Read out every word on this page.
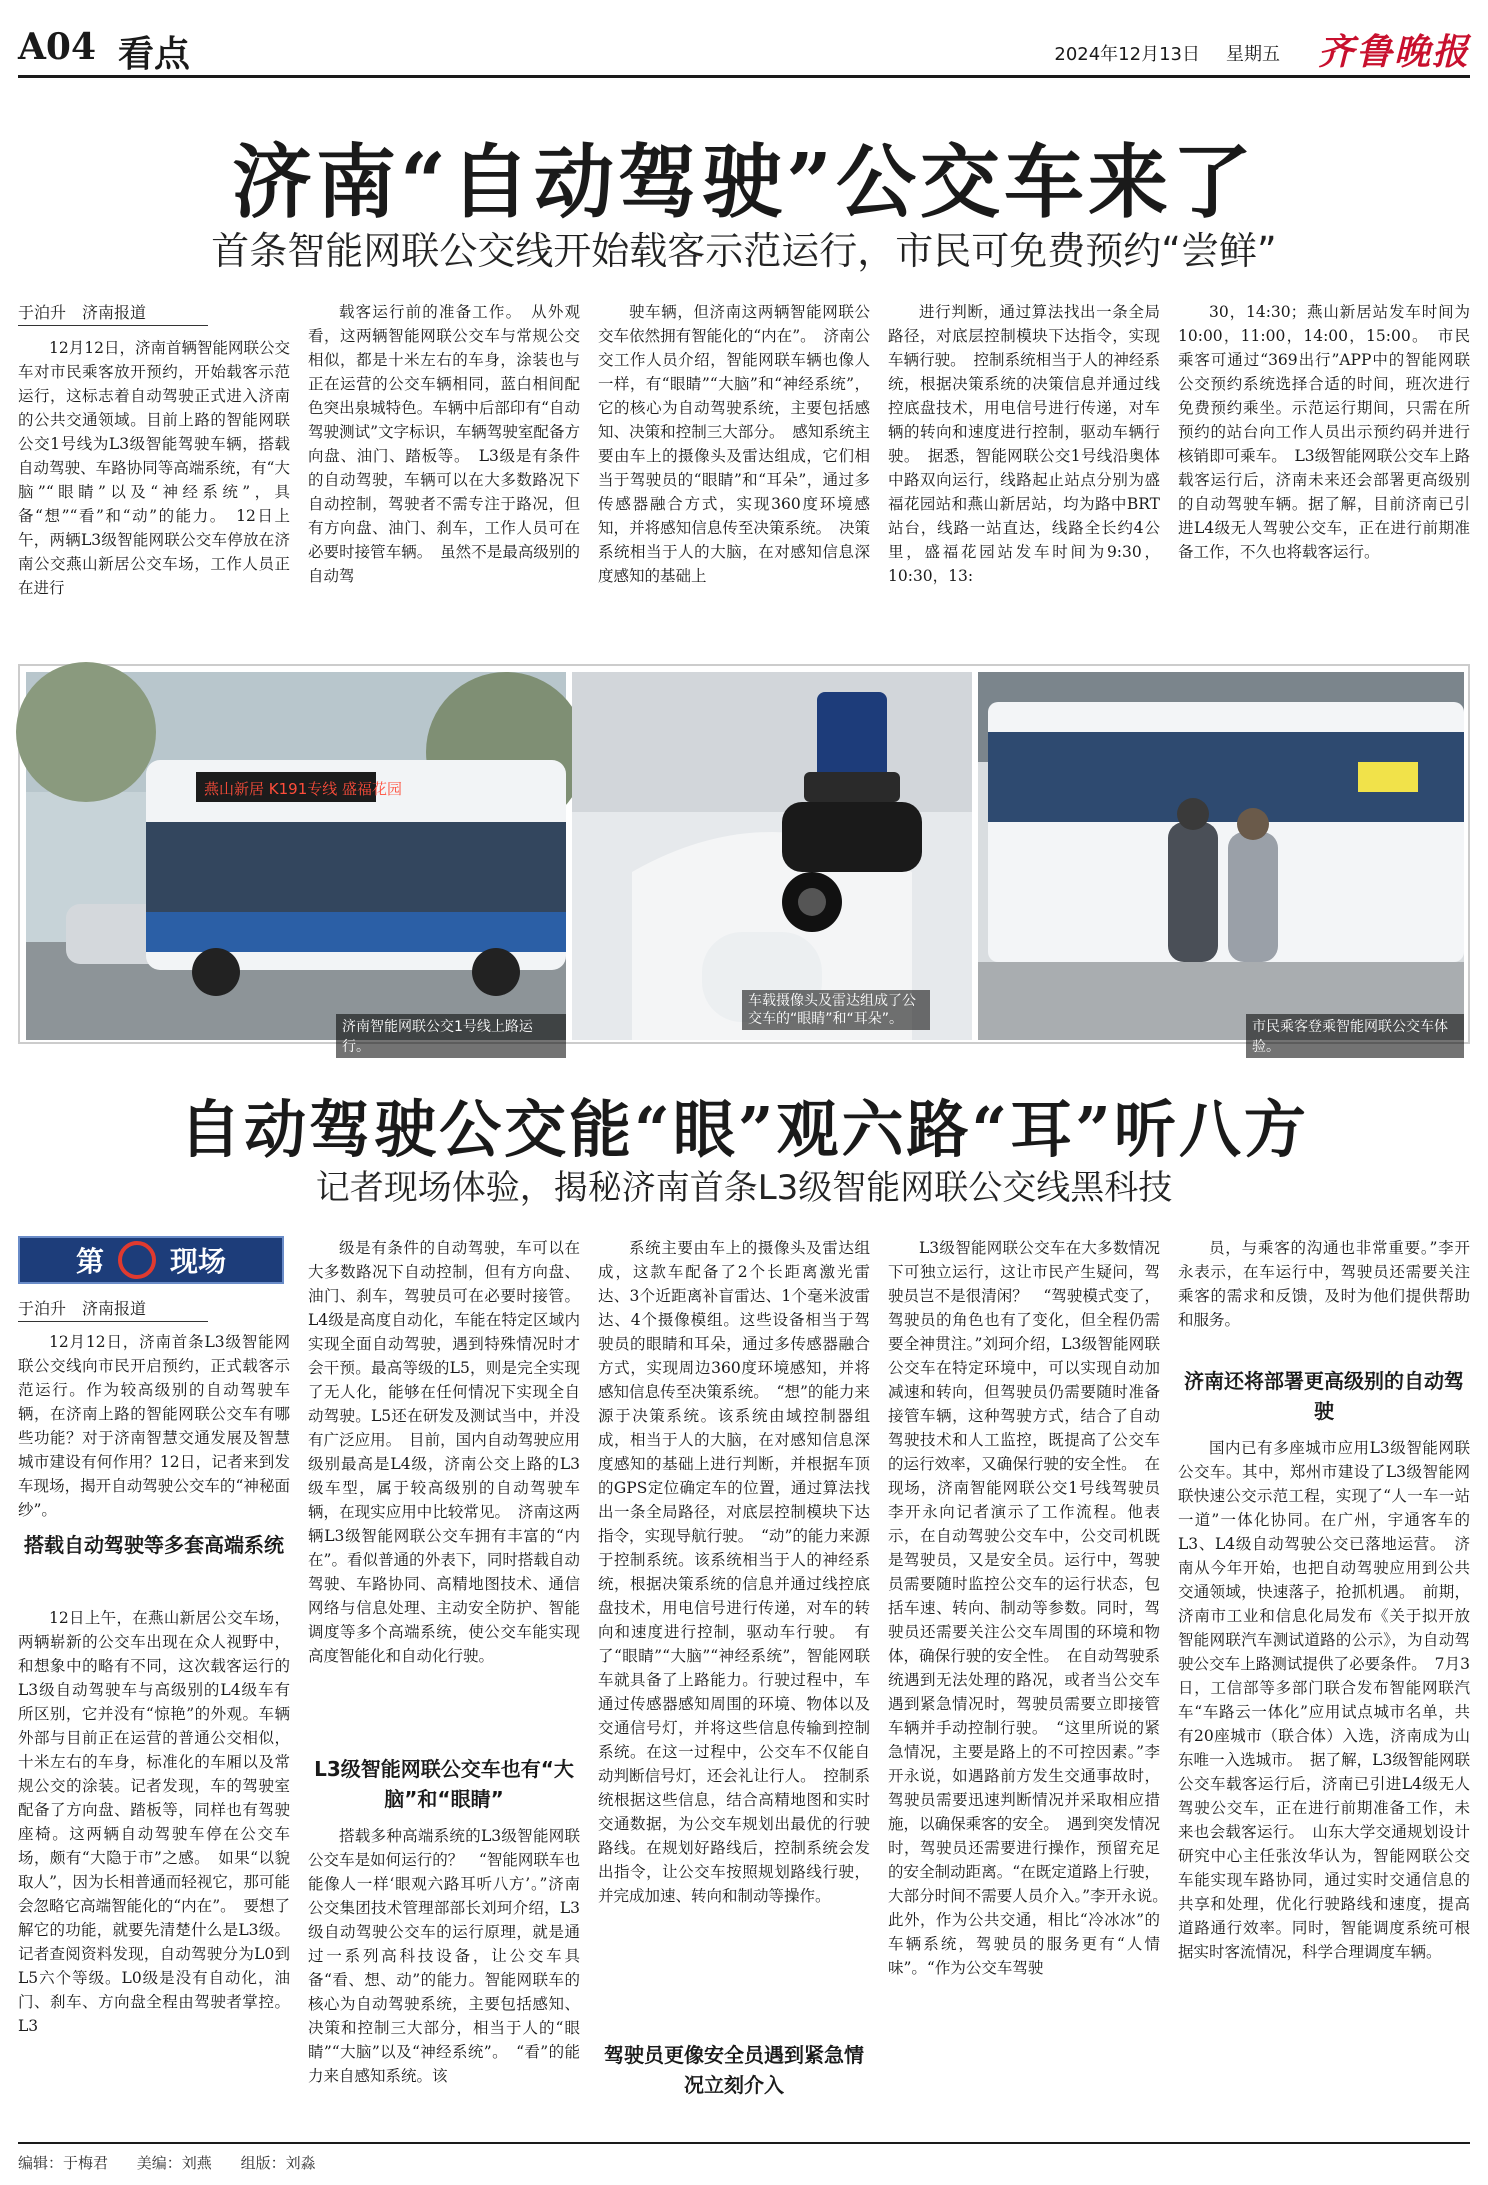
A04 看点	2024年12月13日 星期五 齐鲁晚报
济南“自动驾驶”公交车来了
首条智能网联公交线开始载客示范运行，市民可免费预约“尝鲜”
于泊升　济南报道

12月12日，济南首辆智能网联公交车对市民乘客放开预约，开始载客示范运行，这标志着自动驾驶正式进入济南的公共交通领域。目前上路的智能网联公交1号线为L3级智能驾驶车辆，搭载自动驾驶、车路协同等高端系统，有“大脑”“眼睛”以及“神经系统”，具备“想”“看”和“动”的能力。　12日上午，两辆L3级智能网联公交车停放在济南公交燕山新居公交车场，工作人员正在进行

载客运行前的准备工作。　从外观看，这两辆智能网联公交车与常规公交相似，都是十米左右的车身，涂装也与正在运营的公交车辆相同，蓝白相间配色突出泉城特色。车辆中后部印有“自动驾驶测试”文字标识，车辆驾驶室配备方向盘、油门、踏板等。　L3级是有条件的自动驾驶，车辆可以在大多数路况下自动控制，驾驶者不需专注于路况，但有方向盘、油门、刹车，工作人员可在必要时接管车辆。　虽然不是最高级别的自动驾

驶车辆，但济南这两辆智能网联公交车依然拥有智能化的“内在”。　济南公交工作人员介绍，智能网联车辆也像人一样，有“眼睛”“大脑”和“神经系统”，它的核心为自动驾驶系统，主要包括感知、决策和控制三大部分。　感知系统主要由车上的摄像头及雷达组成，它们相当于驾驶员的“眼睛”和“耳朵”，通过多传感器融合方式，实现360度环境感知，并将感知信息传至决策系统。　决策系统相当于人的大脑，在对感知信息深度感知的基础上

进行判断，通过算法找出一条全局路径，对底层控制模块下达指令，实现车辆行驶。　控制系统相当于人的神经系统，根据决策系统的决策信息并通过线控底盘技术，用电信号进行传递，对车辆的转向和速度进行控制，驱动车辆行驶。　据悉，智能网联公交1号线沿奥体中路双向运行，线路起止站点分别为盛福花园站和燕山新居站，均为路中BRT站台，线路一站直达，线路全长约4公里，盛福花园站发车时间为9:30，10:30，13:

30，14:30；燕山新居站发车时间为10:00，11:00，14:00，15:00。　市民乘客可通过“369出行”APP中的智能网联公交预约系统选择合适的时间，班次进行免费预约乘坐。示范运行期间，只需在所预约的站台向工作人员出示预约码并进行核销即可乘车。　L3级智能网联公交车上路载客运行后，济南未来还会部署更高级别的自动驾驶车辆。据了解，目前济南已引进L4级无人驾驶公交车，正在进行前期准备工作，不久也将载客运行。

燕山新居 K191专线 盛福花园
济南智能网联公交1号线上路运行。
车载摄像头及雷达组成了公交车的“眼睛”和“耳朵”。	市民乘客登乘智能网联公交车体验。
自动驾驶公交能“眼”观六路“耳”听八方
记者现场体验，揭秘济南首条L3级智能网联公交线黑科技
第 现场
于泊升　济南报道

12月12日，济南首条L3级智能网联公交线向市民开启预约，正式载客示范运行。作为较高级别的自动驾驶车辆，在济南上路的智能网联公交车有哪些功能？对于济南智慧交通发展及智慧城市建设有何作用？12日，记者来到发车现场，揭开自动驾驶公交车的“神秘面纱”。

搭载自动驾驶等多套高端系统

12日上午，在燕山新居公交车场，两辆崭新的公交车出现在众人视野中，和想象中的略有不同，这次载客运行的L3级自动驾驶车与高级别的L4级车有所区别，它并没有“惊艳”的外观。车辆外部与目前正在运营的普通公交相似，十米左右的车身，标准化的车厢以及常规公交的涂装。记者发现，车的驾驶室配备了方向盘、踏板等，同样也有驾驶座椅。这两辆自动驾驶车停在公交车场，颇有“大隐于市”之感。　如果“以貌取人”，因为长相普通而轻视它，那可能会忽略它高端智能化的“内在”。　要想了解它的功能，就要先清楚什么是L3级。记者查阅资料发现，自动驾驶分为L0到L5六个等级。L0级是没有自动化，油门、刹车、方向盘全程由驾驶者掌控。L3

级是有条件的自动驾驶，车可以在大多数路况下自动控制，但有方向盘、油门、刹车，驾驶员可在必要时接管。L4级是高度自动化，车能在特定区域内实现全面自动驾驶，遇到特殊情况时才会干预。最高等级的L5，则是完全实现了无人化，能够在任何情况下实现全自动驾驶。L5还在研发及测试当中，并没有广泛应用。　目前，国内自动驾驶应用级别最高是L4级，济南公交上路的L3级车型，属于较高级别的自动驾驶车辆，在现实应用中比较常见。　济南这两辆L3级智能网联公交车拥有丰富的“内在”。看似普通的外表下，同时搭载自动驾驶、车路协同、高精地图技术、通信网络与信息处理、主动安全防护、智能调度等多个高端系统，使公交车能实现高度智能化和自动化行驶。

L3级智能网联公交车也有“大脑”和“眼睛”

搭载多种高端系统的L3级智能网联公交车是如何运行的？　“智能网联车也能像人一样‘眼观六路耳听八方’。”济南公交集团技术管理部部长刘珂介绍，L3级自动驾驶公交车的运行原理，就是通过一系列高科技设备，让公交车具备“看、想、动”的能力。智能网联车的核心为自动驾驶系统，主要包括感知、决策和控制三大部分，相当于人的“眼睛”“大脑”以及“神经系统”。　“看”的能力来自感知系统。该

系统主要由车上的摄像头及雷达组成，这款车配备了2个长距离激光雷达、3个近距离补盲雷达、1个毫米波雷达、4个摄像模组。这些设备相当于驾驶员的眼睛和耳朵，通过多传感器融合方式，实现周边360度环境感知，并将感知信息传至决策系统。　“想”的能力来源于决策系统。该系统由域控制器组成，相当于人的大脑，在对感知信息深度感知的基础上进行判断，并根据车顶的GPS定位确定车的位置，通过算法找出一条全局路径，对底层控制模块下达指令，实现导航行驶。　“动”的能力来源于控制系统。该系统相当于人的神经系统，根据决策系统的信息并通过线控底盘技术，用电信号进行传递，对车的转向和速度进行控制，驱动车行驶。　有了“眼睛”“大脑”“神经系统”，智能网联车就具备了上路能力。行驶过程中，车通过传感器感知周围的环境、物体以及交通信号灯，并将这些信息传输到控制系统。在这一过程中，公交车不仅能自动判断信号灯，还会礼让行人。　控制系统根据这些信息，结合高精地图和实时交通数据，为公交车规划出最优的行驶路线。在规划好路线后，控制系统会发出指令，让公交车按照规划路线行驶，并完成加速、转向和制动等操作。

驾驶员更像安全员遇到紧急情况立刻介入

L3级智能网联公交车在大多数情况下可独立运行，这让市民产生疑问，驾驶员岂不是很清闲？　“驾驶模式变了，驾驶员的角色也有了变化，但全程仍需要全神贯注。”刘珂介绍，L3级智能网联公交车在特定环境中，可以实现自动加减速和转向，但驾驶员仍需要随时准备接管车辆，这种驾驶方式，结合了自动驾驶技术和人工监控，既提高了公交车的运行效率，又确保行驶的安全性。　在现场，济南智能网联公交1号线驾驶员李开永向记者演示了工作流程。他表示，在自动驾驶公交车中，公交司机既是驾驶员，又是安全员。运行中，驾驶员需要随时监控公交车的运行状态，包括车速、转向、制动等参数。同时，驾驶员还需要关注公交车周围的环境和物体，确保行驶的安全性。　在自动驾驶系统遇到无法处理的路况，或者当公交车遇到紧急情况时，驾驶员需要立即接管车辆并手动控制行驶。　“这里所说的紧急情况，主要是路上的不可控因素。”李开永说，如遇路前方发生交通事故时，驾驶员需要迅速判断情况并采取相应措施，以确保乘客的安全。　遇到突发情况时，驾驶员还需要进行操作，预留充足的安全制动距离。“在既定道路上行驶，大部分时间不需要人员介入。”李开永说。　此外，作为公共交通，相比“冷冰冰”的车辆系统，驾驶员的服务更有“人情味”。“作为公交车驾驶

员，与乘客的沟通也非常重要。”李开永表示，在车运行中，驾驶员还需要关注乘客的需求和反馈，及时为他们提供帮助和服务。

济南还将部署更高级别的自动驾驶

国内已有多座城市应用L3级智能网联公交车。其中，郑州市建设了L3级智能网联快速公交示范工程，实现了“人一车一站一道”一体化协同。在广州，宇通客车的L3、L4级自动驾驶公交已落地运营。　济南从今年开始，也把自动驾驶应用到公共交通领域，快速落子，抢抓机遇。　前期，济南市工业和信息化局发布《关于拟开放智能网联汽车测试道路的公示》，为自动驾驶公交车上路测试提供了必要条件。　7月3日，工信部等多部门联合发布智能网联汽车“车路云一体化”应用试点城市名单，共有20座城市（联合体）入选，济南成为山东唯一入选城市。　据了解，L3级智能网联公交车载客运行后，济南已引进L4级无人驾驶公交车，正在进行前期准备工作，未来也会载客运行。　山东大学交通规划设计研究中心主任张汝华认为，智能网联公交车能实现车路协同，通过实时交通信息的共享和处理，优化行驶路线和速度，提高道路通行效率。同时，智能调度系统可根据实时客流情况，科学合理调度车辆。

编辑：于梅君 美编：刘燕 组版：刘淼
